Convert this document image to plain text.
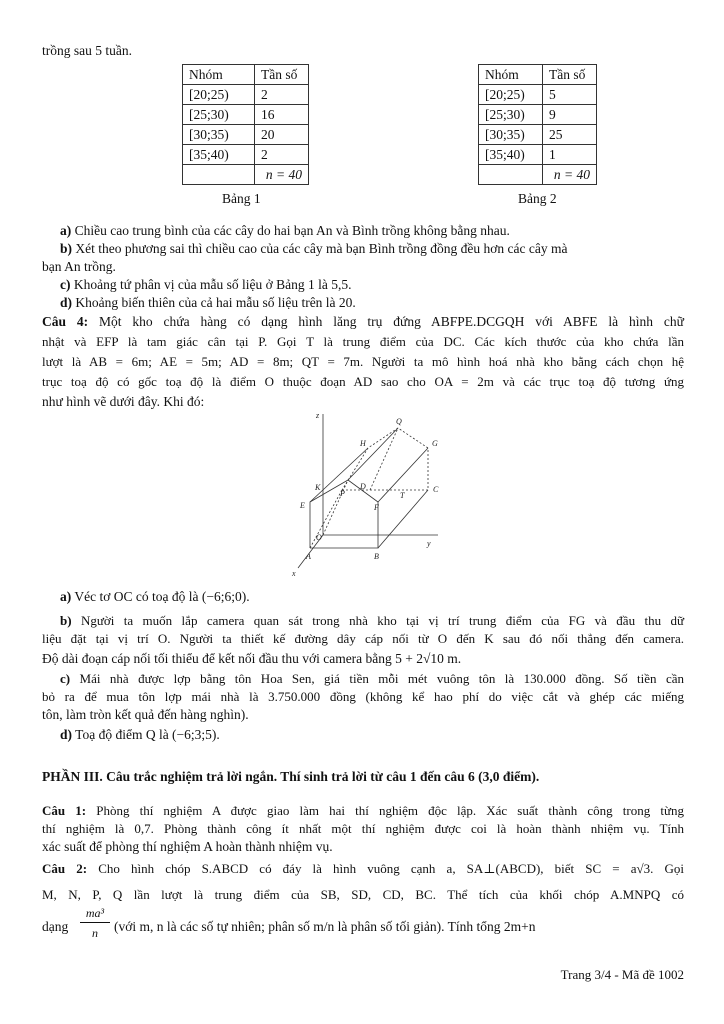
trồng sau 5 tuần.
Nhóm	Tần số
[20;25)	2
[25;30)	16
[30;35)	20
[35;40)	2
	n = 40
Bảng 1
Nhóm	Tần số
[20;25)	5
[25;30)	9
[30;35)	25
[35;40)	1
	n = 40
Bảng 2
a) Chiều cao trung bình của các cây do hai bạn An và Bình trồng không bằng nhau.
b) Xét theo phương sai thì chiều cao của các cây mà bạn Bình trồng đồng đều hơn các cây mà
bạn An trồng.
c) Khoảng tứ phân vị của mẫu số liệu ở Bảng 1 là 5,5.
d) Khoảng biến thiên của cả hai mẫu số liệu trên là 20.
Câu 4: Một kho chứa hàng có dạng hình lăng trụ đứng ABFPE.DCGQH với ABFE là hình chữ
nhật và EFP là tam giác cân tại P. Gọi T là trung điểm của DC. Các kích thước của kho chứa lần
lượt là AB = 6m; AE = 5m; AD = 8m; QT = 7m. Người ta mô hình hoá nhà kho bằng cách chọn hệ
trục toạ độ có gốc toạ độ là điểm O thuộc đoạn AD sao cho OA = 2m và các trục toạ độ tương ứng
như hình vẽ dưới đây. Khi đó:
z
Q
H	G
K	D
P	T
C
E	F
O
y
A	B
x
a) Véc tơ OC có toạ độ là (−6;6;0).
b) Người ta muốn lắp camera quan sát trong nhà kho tại vị trí trung điểm của FG và đầu thu dữ
liệu đặt tại vị trí O. Người ta thiết kế đường dây cáp nối từ O đến K sau đó nối thẳng đến camera.
Độ dài đoạn cáp nối tối thiểu để kết nối đầu thu với camera bằng 5 + 2√10 m.
c) Mái nhà được lợp bằng tôn Hoa Sen, giá tiền mỗi mét vuông tôn là 130.000 đồng. Số tiền cần
bỏ ra để mua tôn lợp mái nhà là 3.750.000 đồng (không kể hao phí do việc cắt và ghép các miếng
tôn, làm tròn kết quả đến hàng nghìn).
d) Toạ độ điểm Q là (−6;3;5).
PHẦN III. Câu trắc nghiệm trả lời ngắn. Thí sinh trả lời từ câu 1 đến câu 6 (3,0 điểm).
Câu 1: Phòng thí nghiệm A được giao làm hai thí nghiệm độc lập. Xác suất thành công trong từng
thí nghiệm là 0,7. Phòng thành công ít nhất một thí nghiệm được coi là hoàn thành nhiệm vụ. Tính
xác suất để phòng thí nghiệm A hoàn thành nhiệm vụ.
Câu 2: Cho hình chóp S.ABCD có đáy là hình vuông cạnh a, SA⊥(ABCD), biết SC = a√3. Gọi
M, N, P, Q lần lượt là trung điểm của SB, SD, CD, BC. Thể tích của khối chóp A.MNPQ có
dạng
ma³
n	(với m, n là các số tự nhiên; phân số m/n là phân số tối giản). Tính tổng 2m+n
Trang 3/4 - Mã đề 1002
